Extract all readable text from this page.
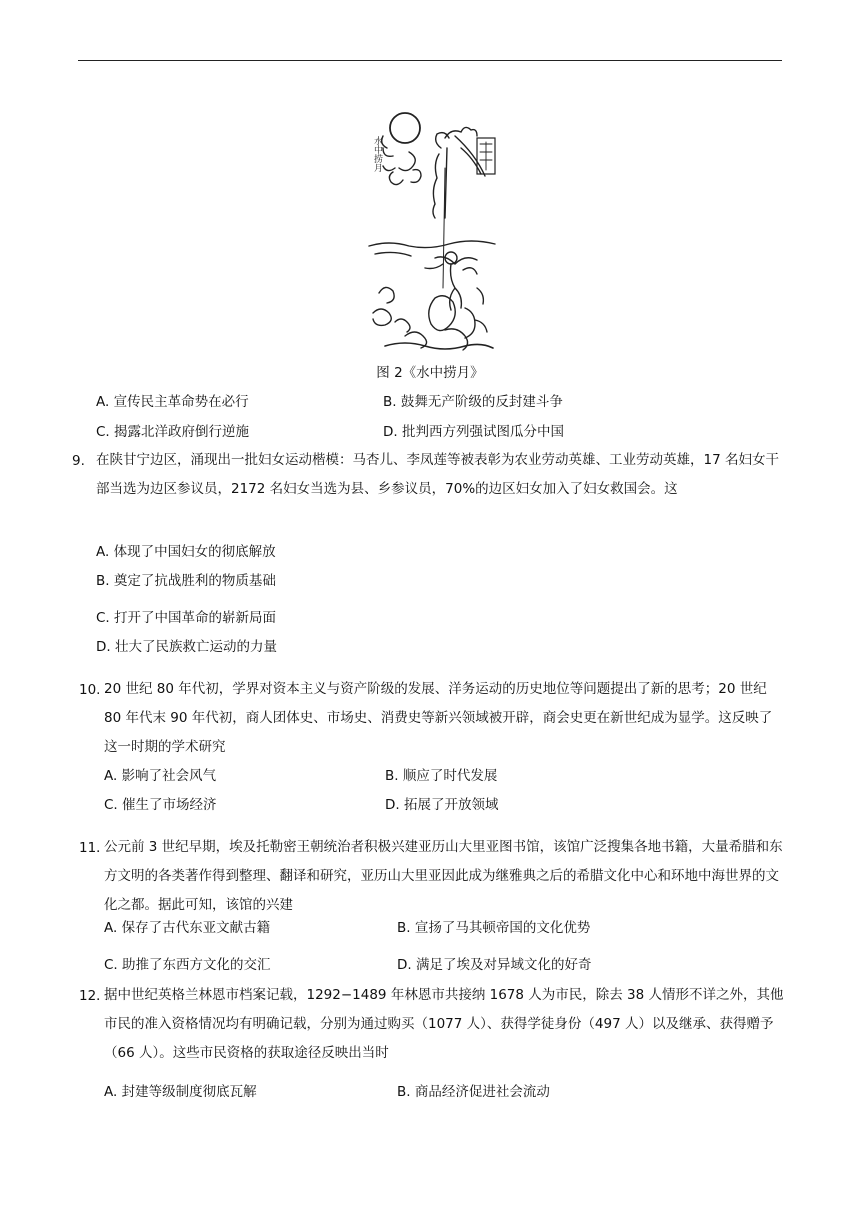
水中捞月
图 2《水中捞月》
A. 宣传民主革命势在必行	B. 鼓舞无产阶级的反封建斗争
C. 揭露北洋政府倒行逆施	D. 批判西方列强试图瓜分中国
9. 在陕甘宁边区，涌现出一批妇女运动楷模：马杏儿、李凤莲等被表彰为农业劳动英雄、工业劳动英雄，17 名妇女干部当选为边区参议员，2172 名妇女当选为县、乡参议员，70%的边区妇女加入了妇女救国会。这
A. 体现了中国妇女的彻底解放
B. 奠定了抗战胜利的物质基础
C. 打开了中国革命的崭新局面
D. 壮大了民族救亡运动的力量
10. 20 世纪 80 年代初，学界对资本主义与资产阶级的发展、洋务运动的历史地位等问题提出了新的思考；20 世纪 80 年代末 90 年代初，商人团体史、市场史、消费史等新兴领域被开辟，商会史更在新世纪成为显学。这反映了这一时期的学术研究
A. 影响了社会风气	B. 顺应了时代发展
C. 催生了市场经济	D. 拓展了开放领域
11．
公元前 3 世纪早期，埃及托勒密王朝统治者积极兴建亚历山大里亚图书馆，该馆广泛搜集各地书籍，大量希腊和东方文明的各类著作得到整理、翻译和研究，亚历山大里亚因此成为继雅典之后的希腊文化中心和环地中海世界的文化之都。据此可知，该馆的兴建
A. 保存了古代东亚文献古籍	B. 宣扬了马其顿帝国的文化优势
C. 助推了东西方文化的交汇	D. 满足了埃及对异域文化的好奇
12．
据中世纪英格兰林恩市档案记载，1292−1489 年林恩市共接纳 1678 人为市民，除去 38 人情形不详之外，其他市民的准入资格情况均有明确记载，分别为通过购买（1077 人）、获得学徒身份（497 人）以及继承、获得赠予（66 人）。这些市民资格的获取途径反映出当时
A. 封建等级制度彻底瓦解	B. 商品经济促进社会流动
